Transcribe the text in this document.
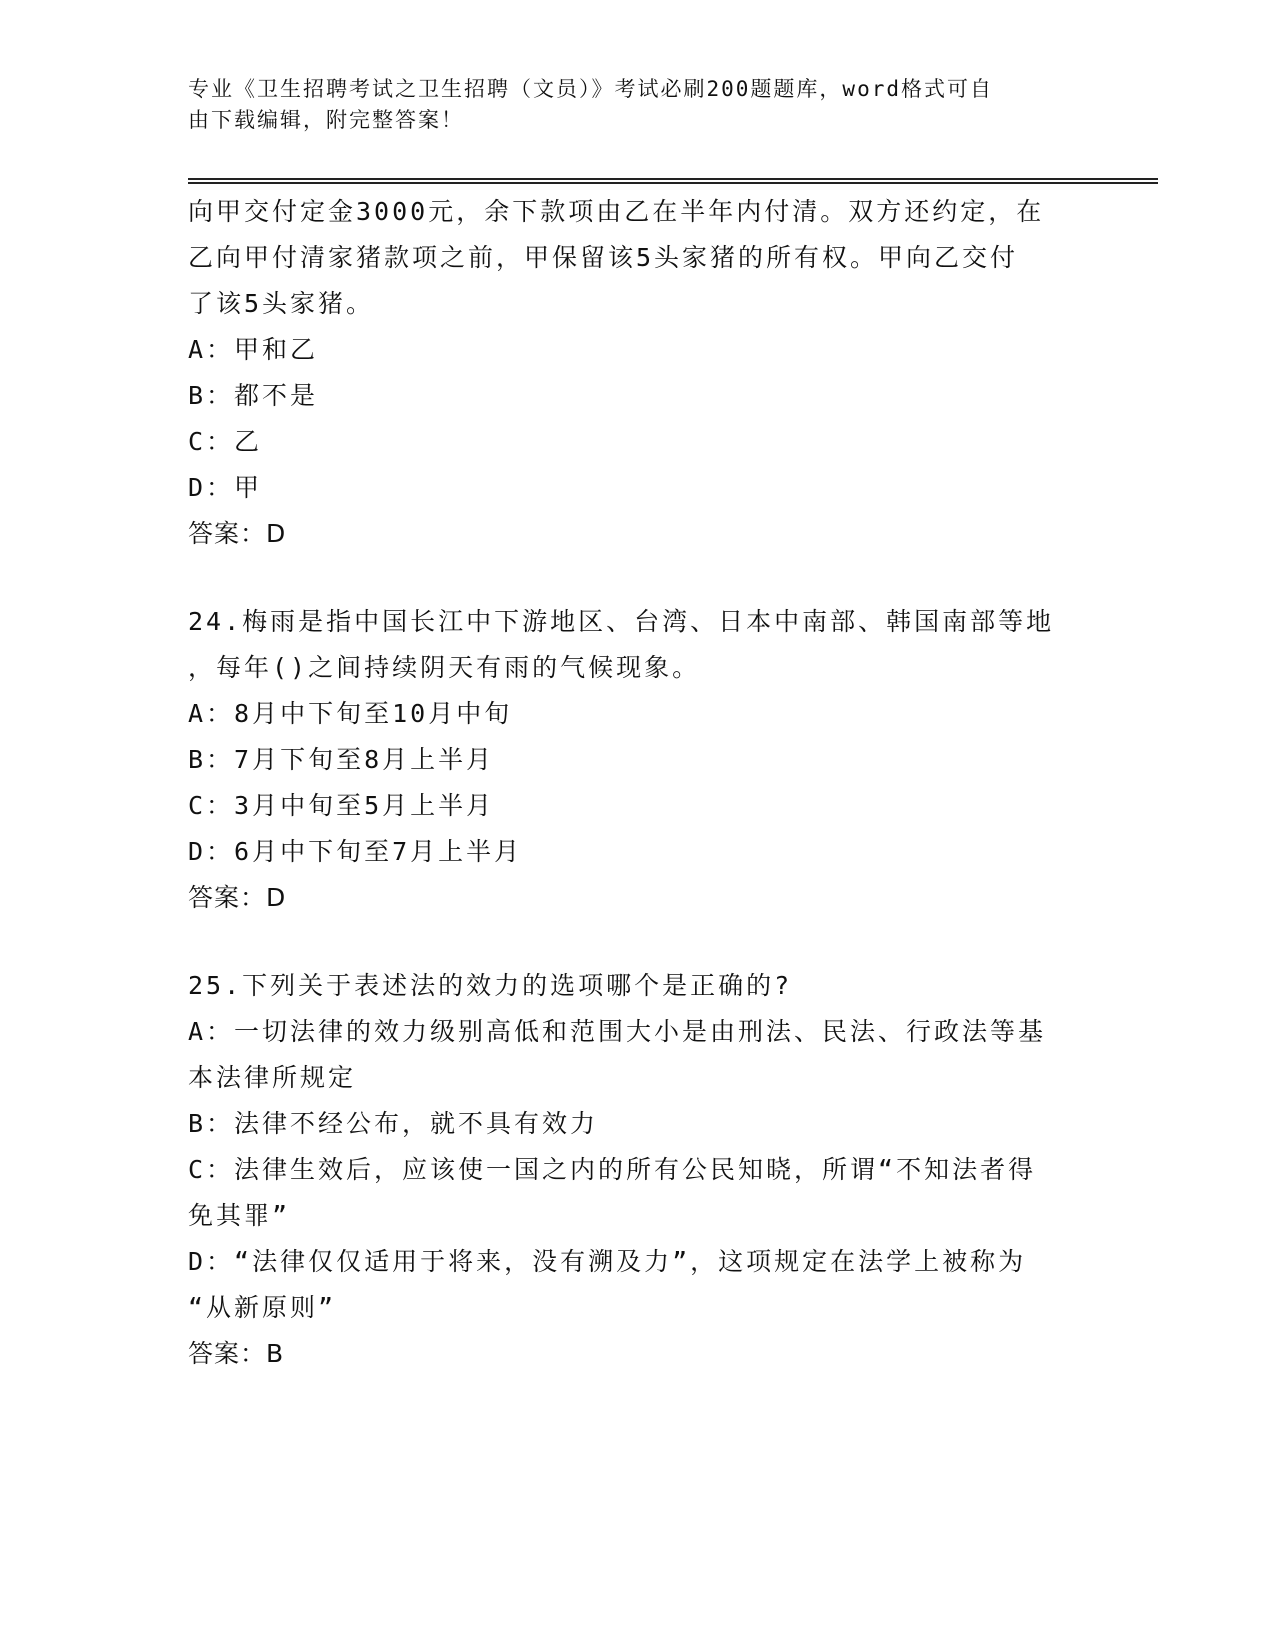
专业《卫生招聘考试之卫生招聘（文员）》考试必刷200题题库，word格式可自
由下载编辑，附完整答案！
向甲交付定金3000元，余下款项由乙在半年内付清。双方还约定，在
乙向甲付清家猪款项之前，甲保留该5头家猪的所有权。甲向乙交付
了该5头家猪。
A：甲和乙
B：都不是
C：乙
D：甲
答案：D
24.梅雨是指中国长江中下游地区、台湾、日本中南部、韩国南部等地
，每年()之间持续阴天有雨的气候现象。
A：8月中下旬至10月中旬
B：7月下旬至8月上半月
C：3月中旬至5月上半月
D：6月中下旬至7月上半月
答案：D
25.下列关于表述法的效力的选项哪个是正确的?
A：一切法律的效力级别高低和范围大小是由刑法、民法、行政法等基
本法律所规定
B：法律不经公布，就不具有效力
C：法律生效后，应该使一国之内的所有公民知晓，所谓“不知法者得
免其罪”
D：“法律仅仅适用于将来，没有溯及力”，这项规定在法学上被称为
“从新原则”
答案：B
